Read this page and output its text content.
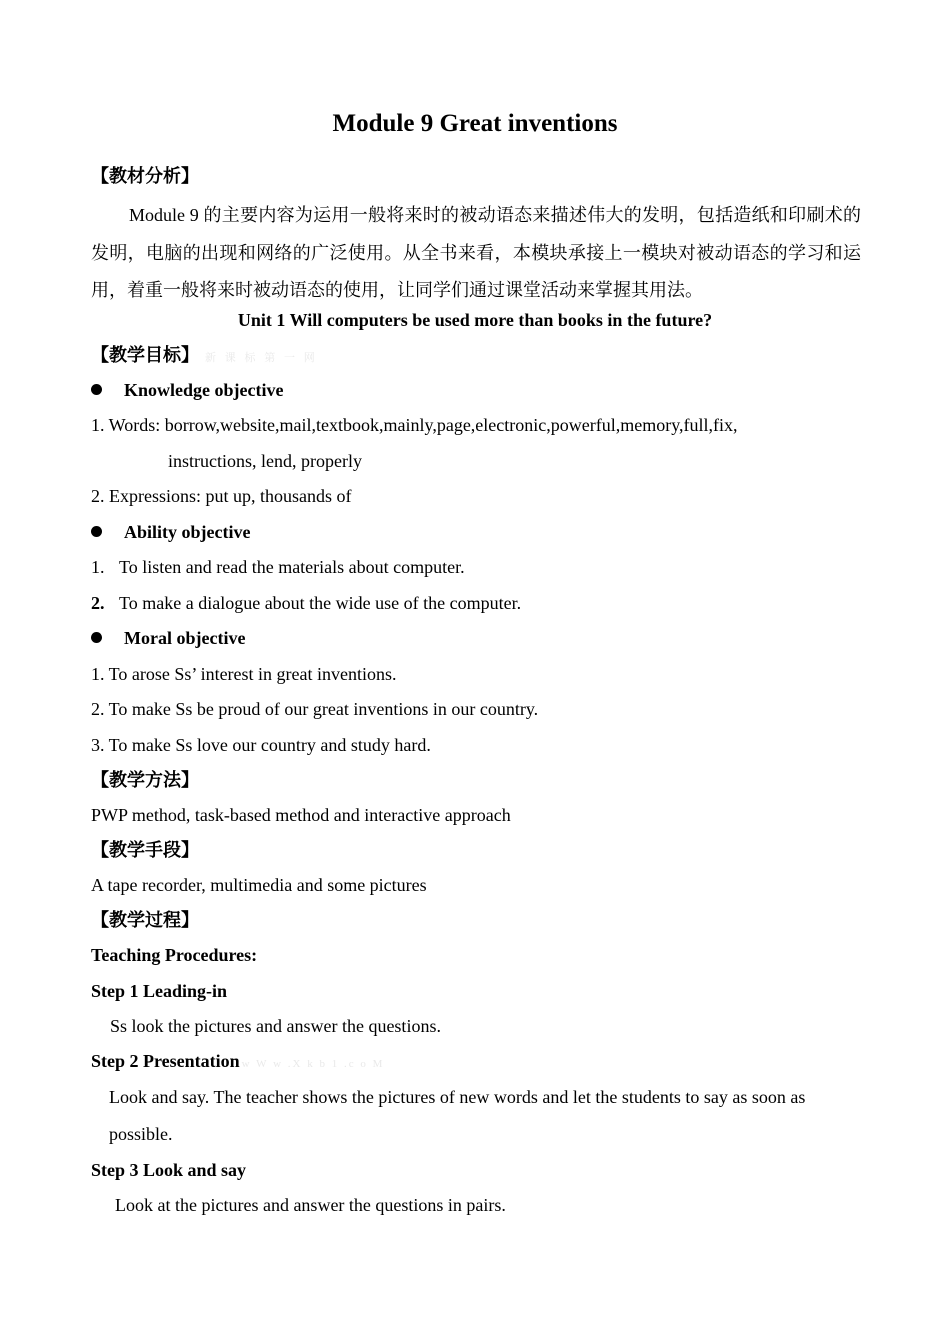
Module 9 Great inventions
【教材分析】
Module 9 的主要内容为运用一般将来时的被动语态来描述伟大的发明，包括造纸和印刷术的发明，电脑的出现和网络的广泛使用。从全书来看，本模块承接上一模块对被动语态的学习和运用，着重一般将来时被动语态的使用，让同学们通过课堂活动来掌握其用法。
Unit 1 Will computers be used more than books in the future?
【教学目标】 新 课 标 第 一 网
Knowledge objective
1. Words: borrow,website,mail,textbook,mainly,page,electronic,powerful,memory,full,fix,
instructions, lend, properly
2. Expressions: put up, thousands of
Ability objective
1. To listen and read the materials about computer.
2. To make a dialogue about the wide use of the computer.
Moral objective
1. To arose Ss’ interest in great inventions.
2. To make Ss be proud of our great inventions in our country.
3. To make Ss love our country and study hard.
【教学方法】
PWP method, task-based method and interactive approach
【教学手段】
A tape recorder, multimedia and some pictures
【教学过程】
Teaching Procedures:
Step 1 Leading-in
Ss look the pictures and answer the questions.
Step 2 Presentation w W w .X k b 1 .c o M
Look and say. The teacher shows the pictures of new words and let the students to say as soon as
possible.
Step 3 Look and say
Look at the pictures and answer the questions in pairs.
